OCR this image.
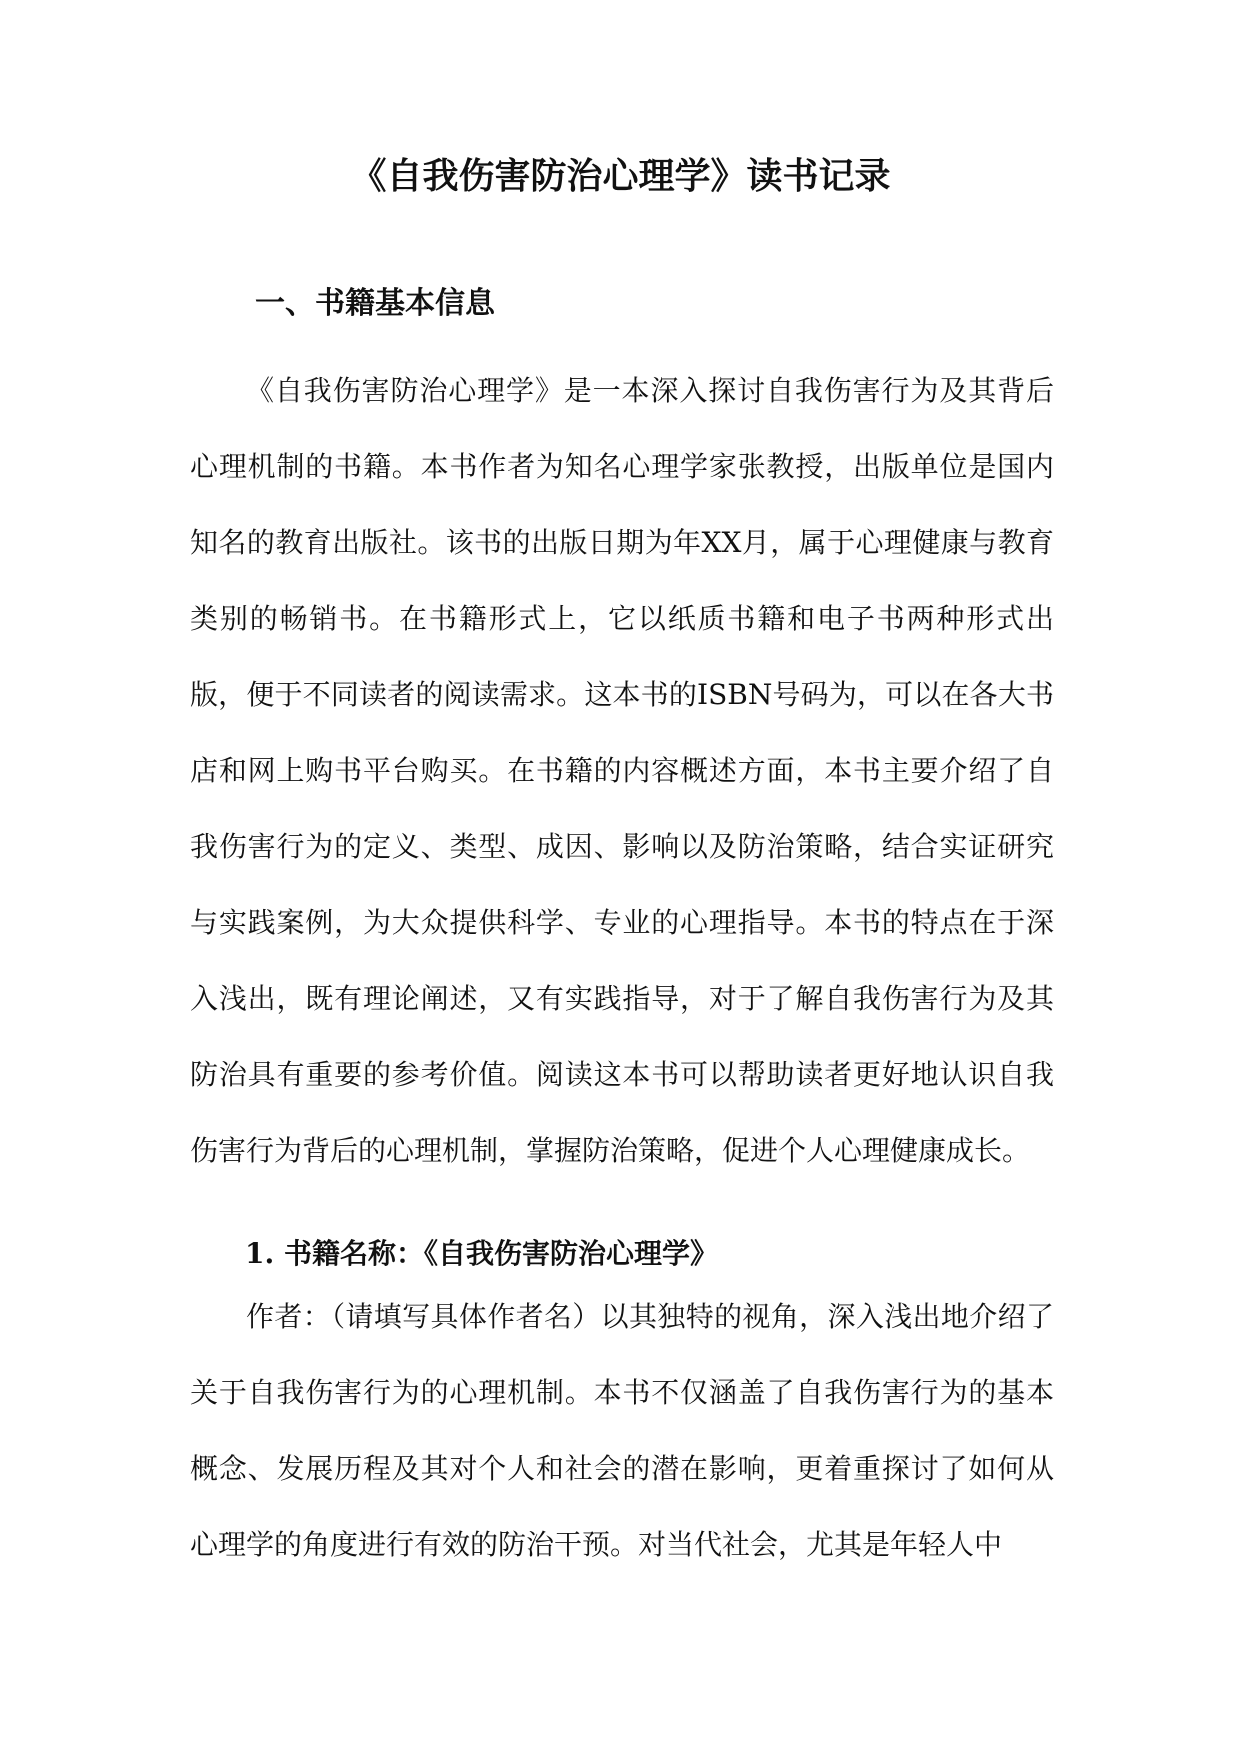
《自我伤害防治心理学》读书记录
一、书籍基本信息

《自我伤害防治心理学》是一本深入探讨自我伤害行为及其背后心理机制的书籍。本书作者为知名心理学家张教授，出版单位是国内知名的教育出版社。该书的出版日期为年XX月，属于心理健康与教育类别的畅销书。在书籍形式上，它以纸质书籍和电子书两种形式出版，便于不同读者的阅读需求。这本书的ISBN号码为，可以在各大书店和网上购书平台购买。在书籍的内容概述方面，本书主要介绍了自我伤害行为的定义、类型、成因、影响以及防治策略，结合实证研究与实践案例，为大众提供科学、专业的心理指导。本书的特点在于深入浅出，既有理论阐述，又有实践指导，对于了解自我伤害行为及其防治具有重要的参考价值。阅读这本书可以帮助读者更好地认识自我伤害行为背后的心理机制，掌握防治策略，促进个人心理健康成长。

1. 书籍名称：《自我伤害防治心理学》

作者：（请填写具体作者名）以其独特的视角，深入浅出地介绍了关于自我伤害行为的心理机制。本书不仅涵盖了自我伤害行为的基本概念、发展历程及其对个人和社会的潜在影响，更着重探讨了如何从心理学的角度进行有效的防治干预。对当代社会，尤其是年轻人中
